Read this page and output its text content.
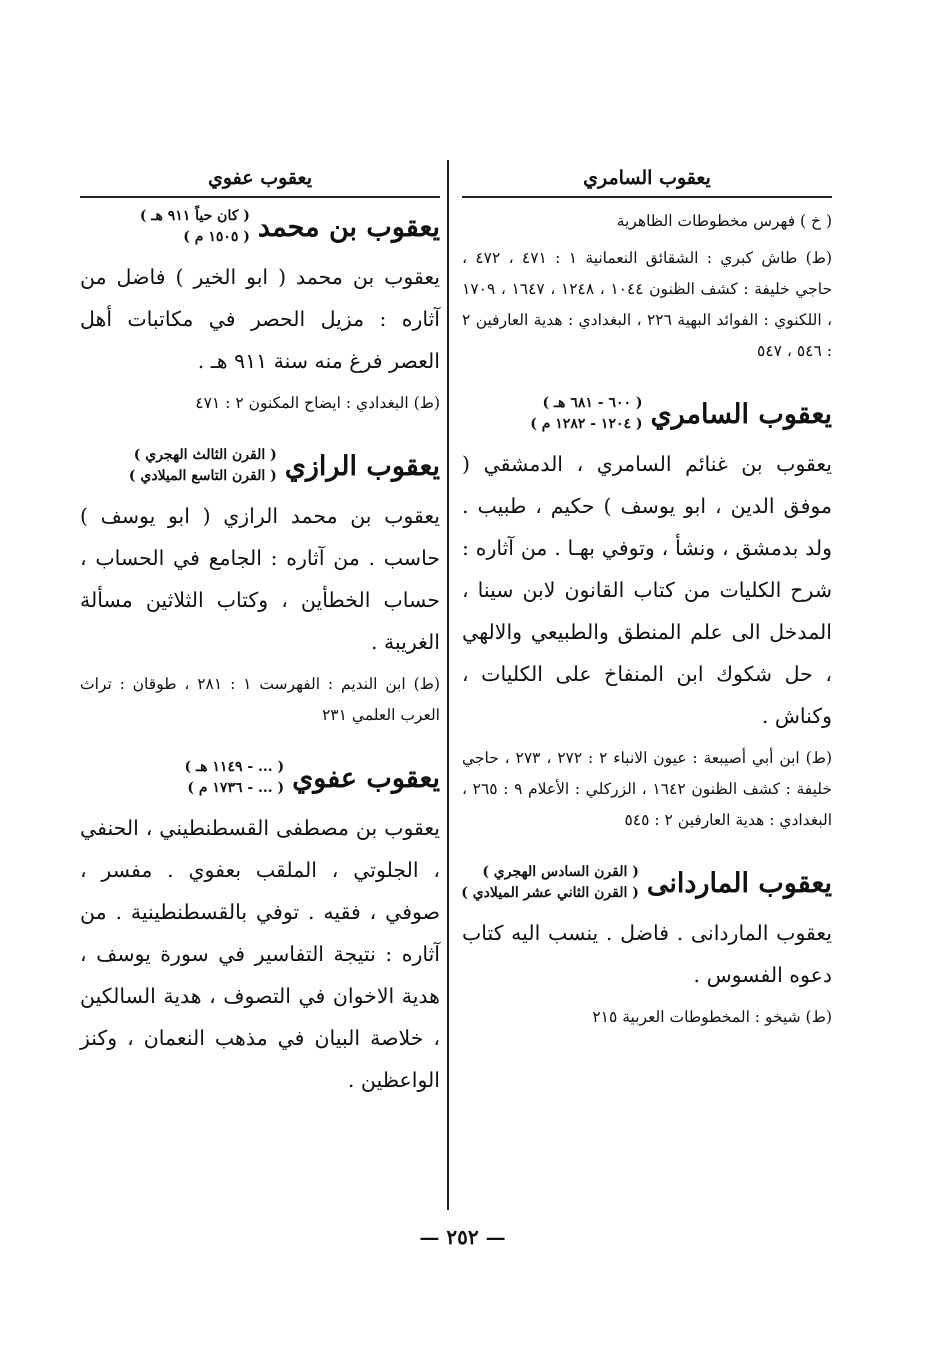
يعقوب السامري

( خ ) فهرس مخطوطات الظاهرية

(ط) طاش كبري : الشقائق النعمانية ١ : ٤٧١ ، ٤٧٢ ، حاجي خليفة : كشف الظنون ١٠٤٤ ، ١٢٤٨ ، ١٦٤٧ ، ١٧٠٩ ، اللكنوي : الفوائد البهية ٢٢٦ ، البغدادي : هدية العارفين ٢ : ٥٤٦ ، ٥٤٧

يعقوب السامري
( ٦٠٠ - ٦٨١ هـ )
( ١٢٠٤ - ١٢٨٢ م )

يعقوب بن غنائم السامري ، الدمشقي ( موفق الدين ، ابو يوسف ) حكيم ، طبيب . ولد بدمشق ، ونشأ ، وتوفي بهـا . من آثاره : شرح الكليات من كتاب القانون لابن سينا ، المدخل الى علم المنطق والطبيعي والالهي ، حل شكوك ابن المنفاخ على الكليات ، وكناش .

(ط) ابن أبي أصيبعة : عيون الانباء ٢ : ٢٧٢ ، ٢٧٣ ، حاجي خليفة : كشف الظنون ١٦٤٢ ، الزركلي : الأعلام ٩ : ٢٦٥ ، البغدادي : هدية العارفين ٢ : ٥٤٥

يعقوب الماردانى
( القرن السادس الهجري )
( القرن الثاني عشر الميلادي )

يعقوب الماردانى . فاضل . ينسب اليه كتاب دعوه الفسوس .

(ط) شيخو : المخطوطات العربية ٢١٥

يعقوب عفوي
يعقوب بن محمد
( كان حياً ٩١١ هـ )
( ١٥٠٥ م )

يعقوب بن محمد ( ابو الخير ) فاضل من آثاره : مزيل الحصر في مكاتبات أهل العصر فرغ منه سنة ٩١١ هـ .

(ط) البغدادي : ايضاح المكنون ٢ : ٤٧١

يعقوب الرازي
( القرن الثالث الهجري )
( القرن التاسع الميلادي )

يعقوب بن محمد الرازي ( ابو يوسف ) حاسب . من آثاره : الجامع في الحساب ، حساب الخطأين ، وكتاب الثلاثين مسألة الغريبة .

(ط) ابن النديم : الفهرست ١ : ٢٨١ ، طوقان : تراث العرب العلمي ٢٣١

يعقوب عفوي
( ... - ١١٤٩ هـ )
( ... - ١٧٣٦ م )

يعقوب بن مصطفى القسطنطيني ، الحنفي ، الجلوتي ، الملقب بعفوي . مفسر ، صوفي ، فقيه . توفي بالقسطنطينية . من آثاره : نتيجة التفاسير في سورة يوسف ، هدية الاخوان في التصوف ، هدية السالكين ، خلاصة البيان في مذهب النعمان ، وكنز الواعظين .

— ٢٥٢ —
